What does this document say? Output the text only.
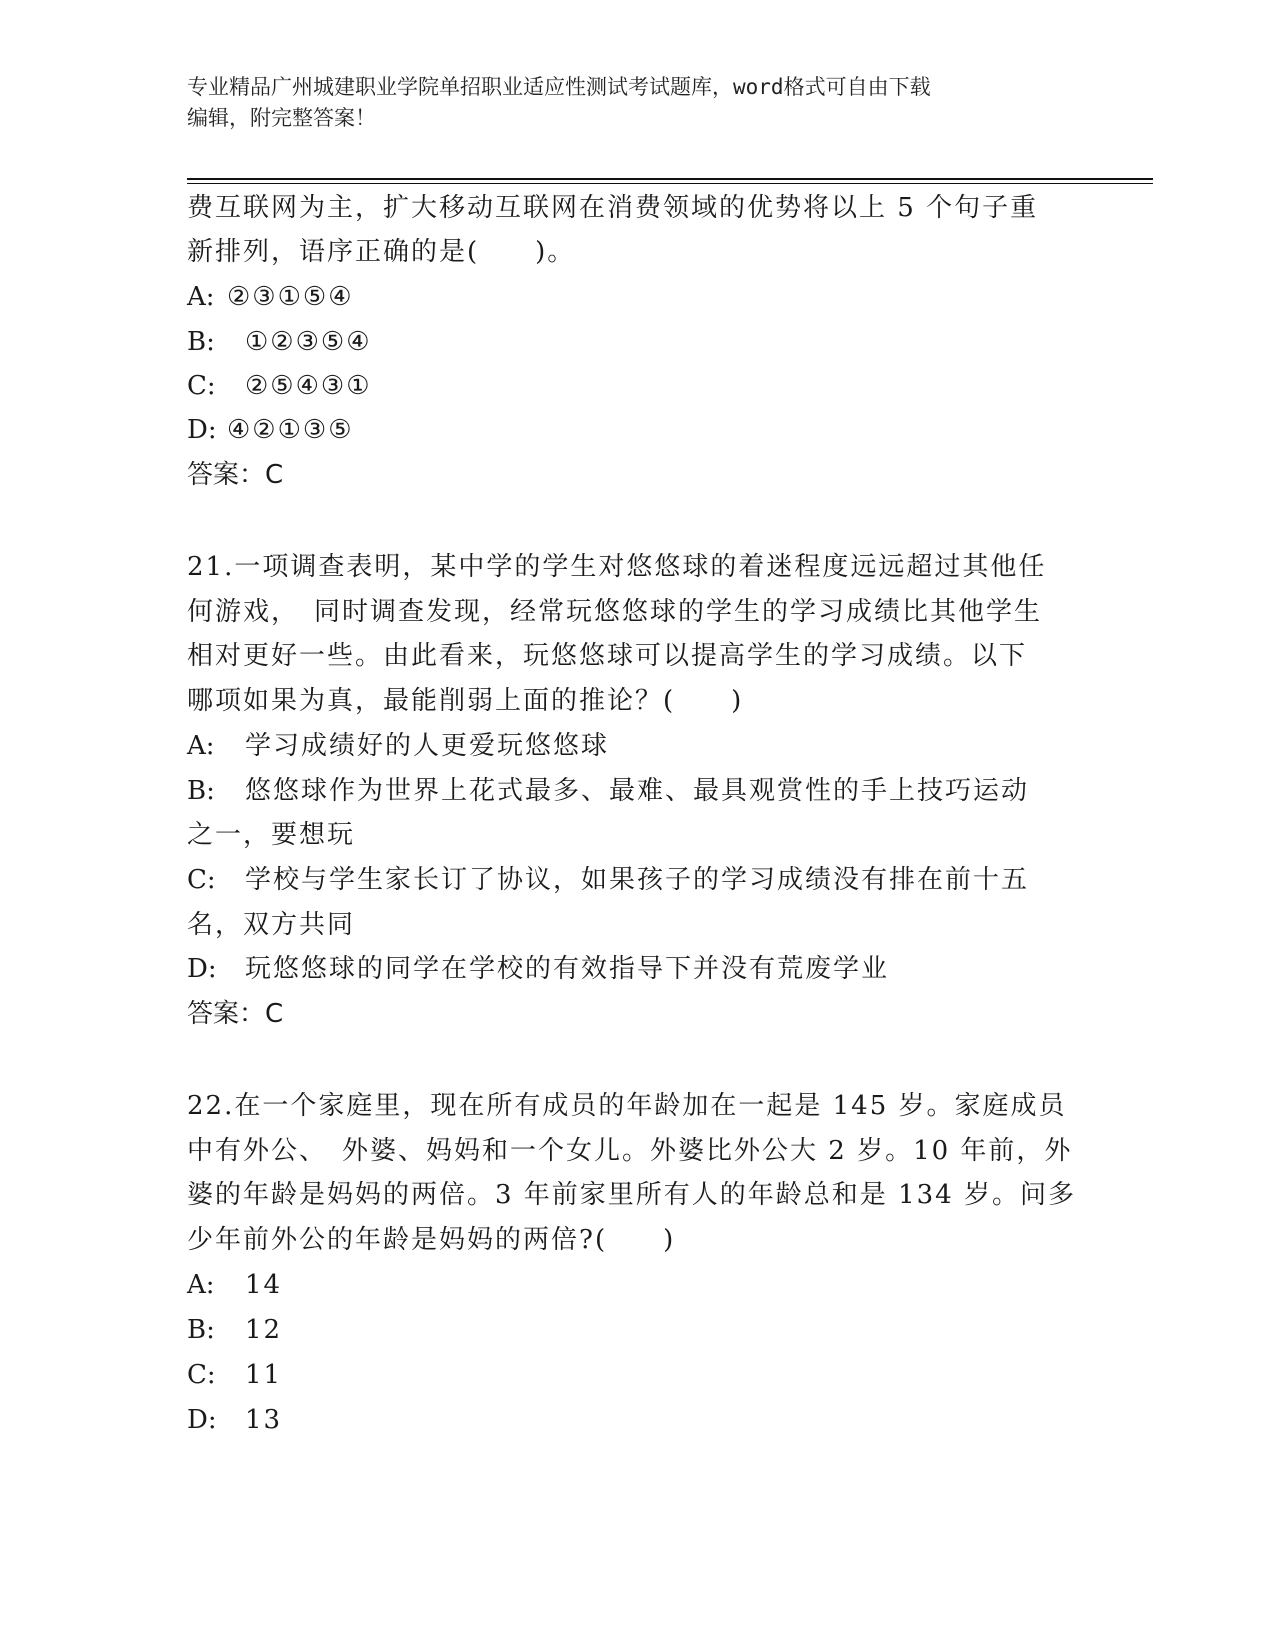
专业精品广州城建职业学院单招职业适应性测试考试题库，word格式可自由下载
编辑，附完整答案！
费互联网为主，扩大移动互联网在消费领域的优势将以上 5 个句子重
新排列，语序正确的是(　　)。
A: ②③①⑤④
B: ①②③⑤④
C: ②⑤④③①
D: ④②①③⑤
答案：C
21.一项调查表明，某中学的学生对悠悠球的着迷程度远远超过其他任
何游戏，　同时调查发现，经常玩悠悠球的学生的学习成绩比其他学生
相对更好一些。由此看来，玩悠悠球可以提高学生的学习成绩。以下
哪项如果为真，最能削弱上面的推论？(　　)
A: 学习成绩好的人更爱玩悠悠球
B: 悠悠球作为世界上花式最多、最难、最具观赏性的手上技巧运动
之一，要想玩
C: 学校与学生家长订了协议，如果孩子的学习成绩没有排在前十五
名，双方共同
D: 玩悠悠球的同学在学校的有效指导下并没有荒废学业
答案：C
22.在一个家庭里，现在所有成员的年龄加在一起是 145 岁。家庭成员
中有外公、　外婆、妈妈和一个女儿。外婆比外公大 2 岁。10 年前，外
婆的年龄是妈妈的两倍。3 年前家里所有人的年龄总和是 134 岁。问多
少年前外公的年龄是妈妈的两倍?(　　)
A: 14
B: 12
C: 11
D: 13
